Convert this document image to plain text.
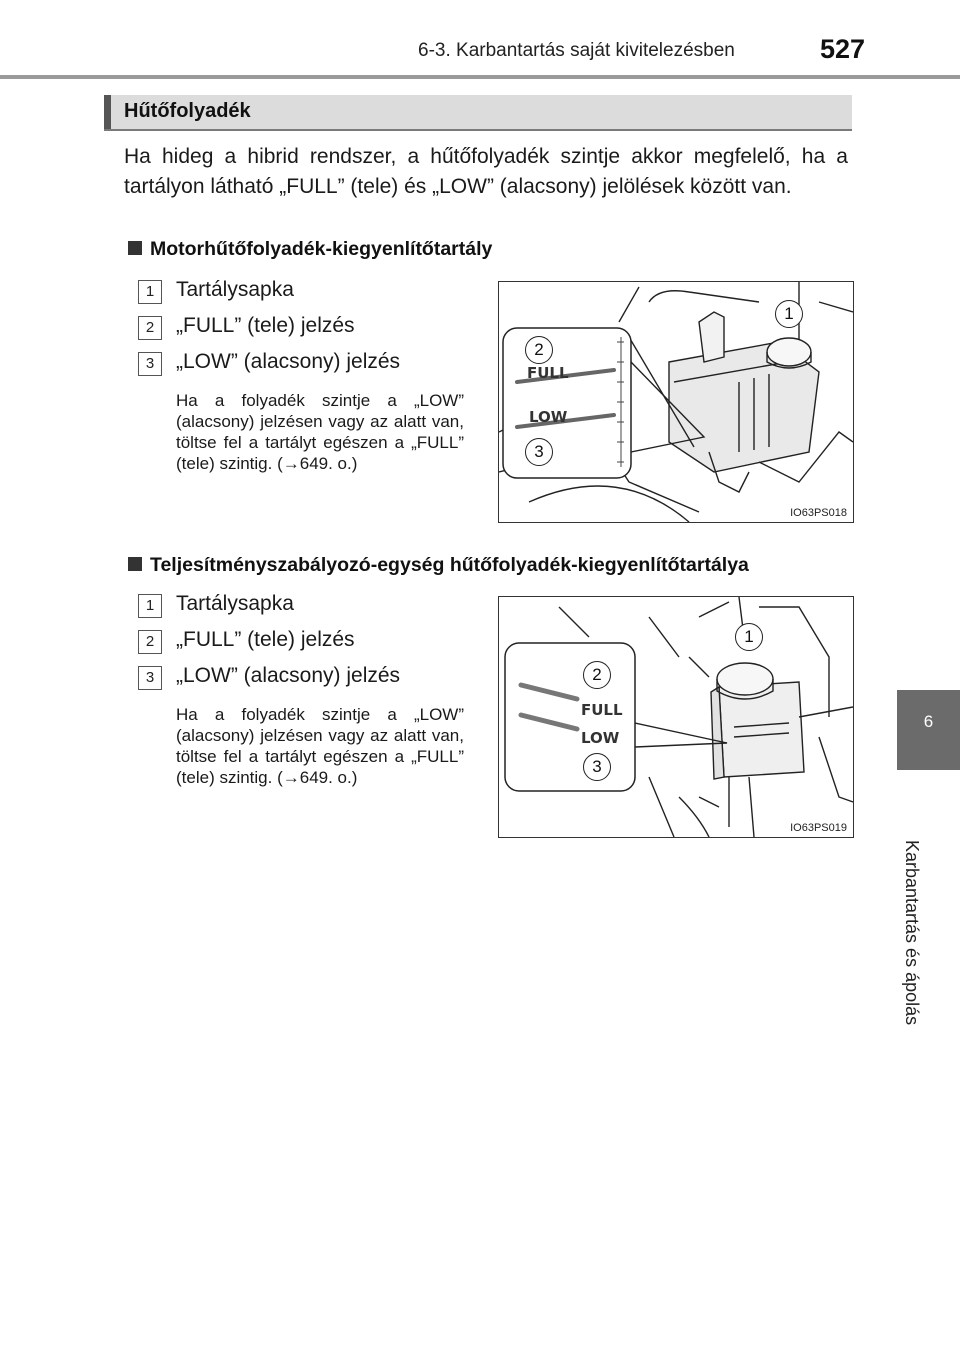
6-3. Karbantartás saját kivitelezésben	527
6
Karbantartás és ápolás
Hűtőfolyadék
Ha hideg a hibrid rendszer, a hűtőfolyadék szintje akkor megfelelő, ha a tartályon látható „FULL” (tele) és „LOW” (alacsony) jelölések között van.
Motorhűtőfolyadék-kiegyenlítőtartály
1	Tartálysapka
2	„FULL” (tele) jelzés
3	„LOW” (alacsony) jelzés
Ha a folyadék szintje a „LOW” (alacsony) jelzésen vagy az alatt van, töltse fel a tartályt egészen a „FULL” (tele) szintig. (→649. o.)
FULL
LOW
1
2
3
IO63PS018
Teljesítményszabályozó-egység hűtőfolyadék-kiegyenlítőtartálya
1	Tartálysapka
2	„FULL” (tele) jelzés
3	„LOW” (alacsony) jelzés
Ha a folyadék szintje a „LOW” (alacsony) jelzésen vagy az alatt van, töltse fel a tartályt egészen a „FULL” (tele) szintig. (→649. o.)
FULL
LOW
1
2
3
IO63PS019
